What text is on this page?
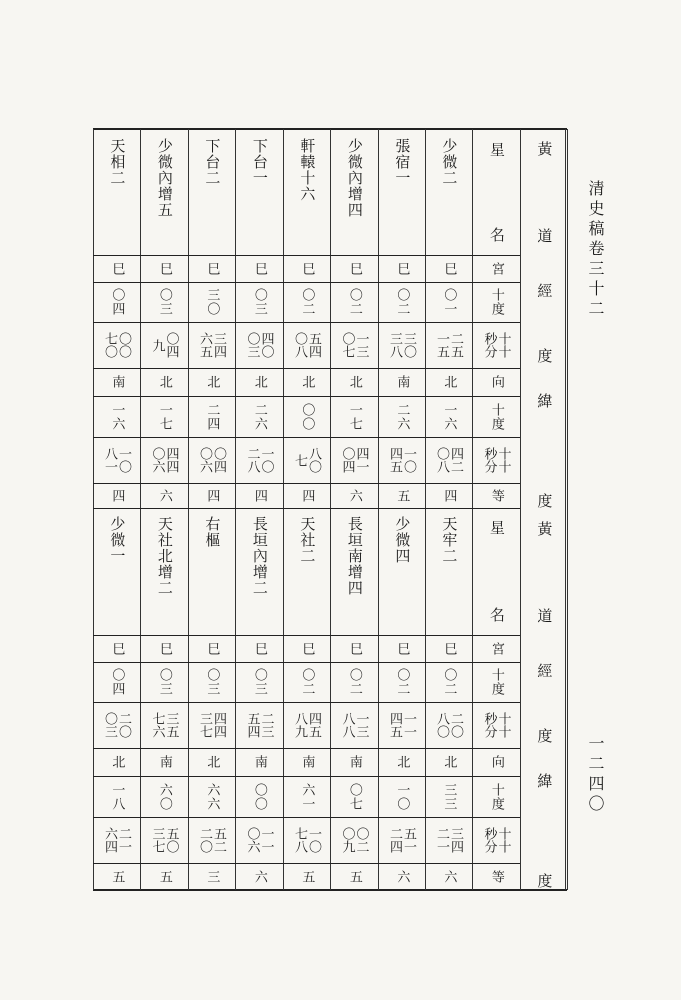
清史稿卷三十二
一二四〇
少微二
巳
〇一
二五
一五
北
一六
四二
〇八
四
張宿一
巳
〇二
三〇
三八
南
二六
一〇
四五
五
少微內增四
巳
〇二
一三
〇七
北
一七
四一
〇四
六
軒轅十六
巳
〇二
五四
〇八
北
〇〇
八〇
七
四
下台一
巳
〇三
四〇
〇三
北
二六
一〇
二八
四
下台二
巳
三〇
三四
六五
北
二四
〇四
〇六
四
少微內增五
巳
〇三
〇四
九
北
一七
四四
〇六
六
天相二
巳
〇四
〇〇
七〇
南
一六
一〇
八一
四
天牢二
巳
〇二
二〇
八〇
北
三三
三四
二一
六
少微四
巳
〇二
一一
四五
北
一〇
五一
二四
六
長垣南增四
巳
〇二
一三
八八
南
〇七
〇二
〇九
五
天社二
巳
〇二
四五
八九
南
六一
一〇
七八
五
長垣內增二
巳
〇三
二三
五四
南
〇〇
一一
〇六
六
右樞
巳
〇三
四四
三七
北
六六
五二
二〇
三
天社北增二
巳
〇三
三五
七六
南
六〇
五〇
三七
五
少微一
巳
〇四
二〇
〇三
北
一八
二一
六四
五
星
名
宮
十度
十十
秒分
向
十度
十十
秒分
等
星
名
宮
十度
十十
秒分
向
十度
十十
秒分
等
黃
道
經
度
緯
度
黃
道
經
度
緯
度
